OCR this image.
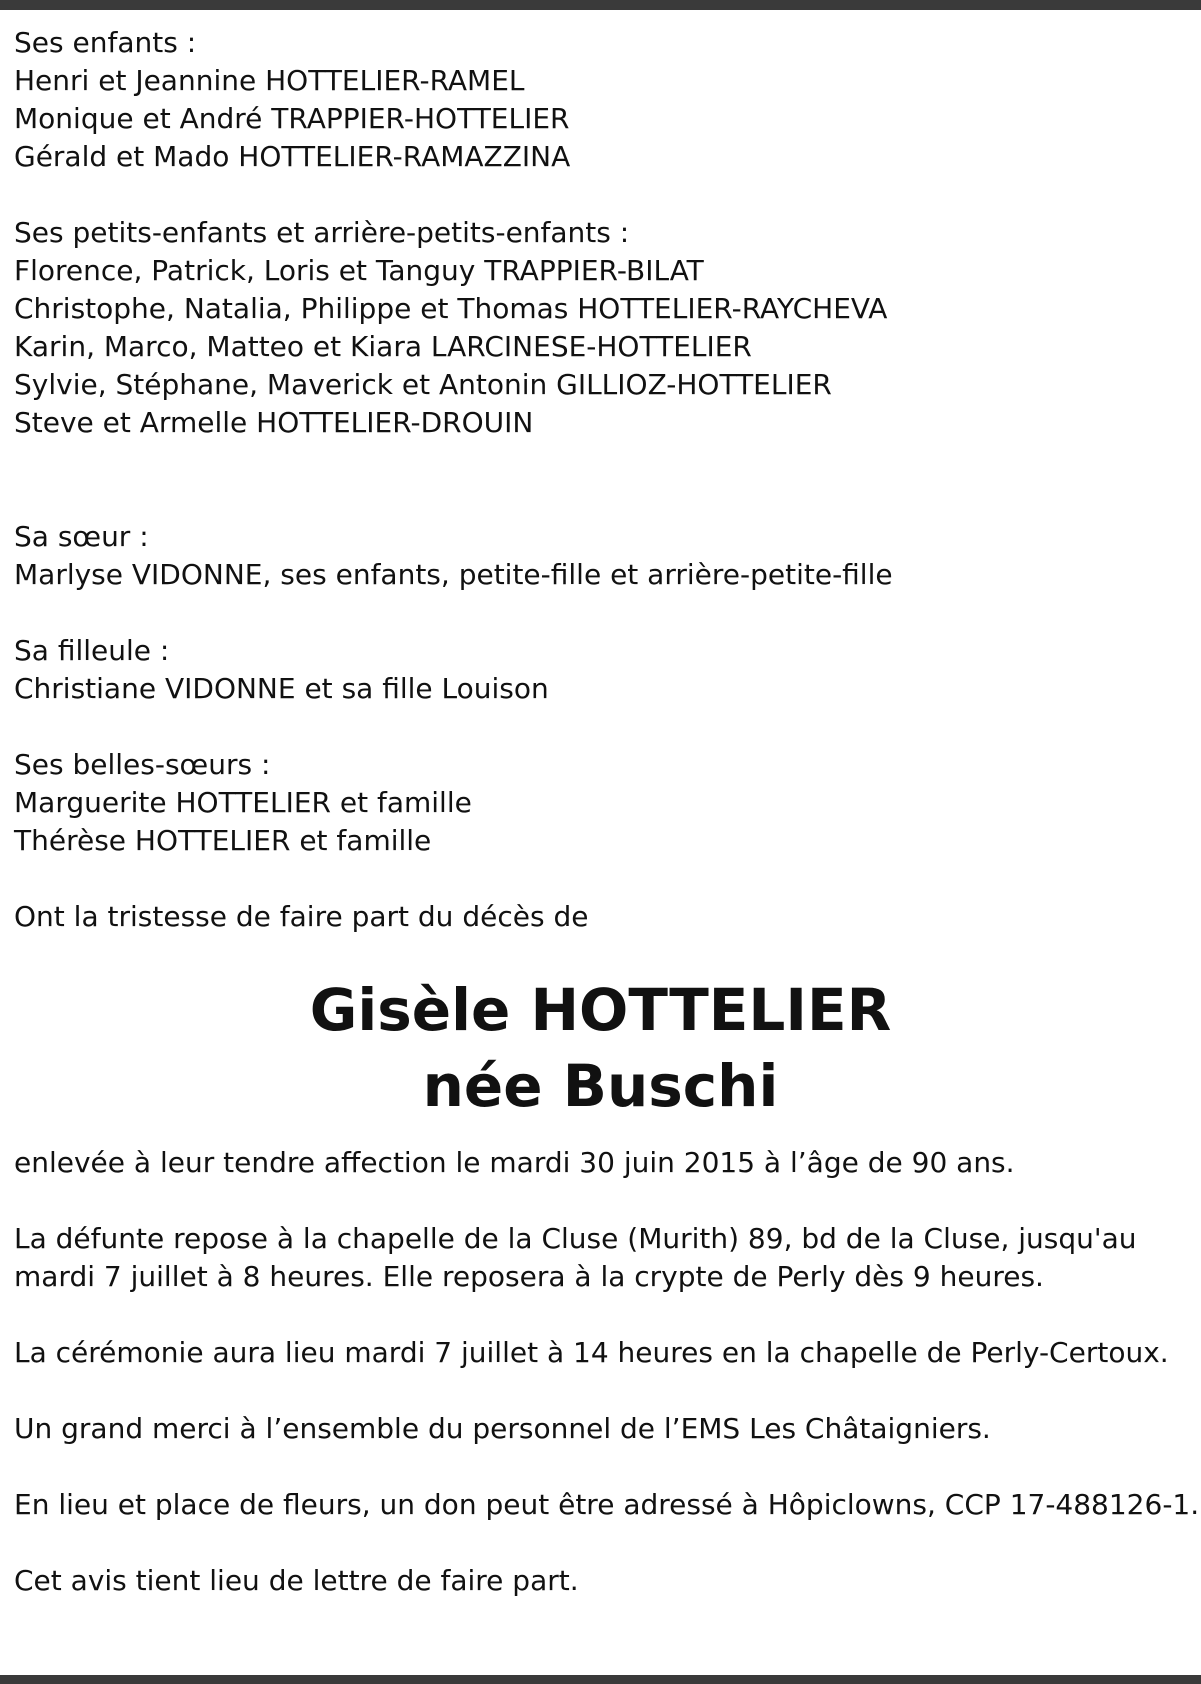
Ses enfants :

Henri et Jeannine HOTTELIER-RAMEL

Monique et André TRAPPIER-HOTTELIER

Gérald et Mado HOTTELIER-RAMAZZINA

Ses petits-enfants et arrière-petits-enfants :

Florence, Patrick, Loris et Tanguy TRAPPIER-BILAT

Christophe, Natalia, Philippe et Thomas HOTTELIER-RAYCHEVA

Karin, Marco, Matteo et Kiara LARCINESE-HOTTELIER

Sylvie, Stéphane, Maverick et Antonin GILLIOZ-HOTTELIER

Steve et Armelle HOTTELIER-DROUIN

Sa sœur :

Marlyse VIDONNE, ses enfants, petite-fille et arrière-petite-fille

Sa filleule :

Christiane VIDONNE et sa fille Louison

Ses belles-sœurs :

Marguerite HOTTELIER et famille

Thérèse HOTTELIER et famille

Ont la tristesse de faire part du décès de

Gisèle HOTTELIER

née Buschi

enlevée à leur tendre affection le mardi 30 juin 2015 à l’âge de 90 ans.

La défunte repose à la chapelle de la Cluse (Murith) 89, bd de la Cluse, jusqu'au

mardi 7 juillet à 8 heures. Elle reposera à la crypte de Perly dès 9 heures.

La cérémonie aura lieu mardi 7 juillet à 14 heures en la chapelle de Perly-Certoux.

Un grand merci à l’ensemble du personnel de l’EMS Les Châtaigniers.

En lieu et place de fleurs, un don peut être adressé à Hôpiclowns, CCP 17-488126-1.

Cet avis tient lieu de lettre de faire part.
